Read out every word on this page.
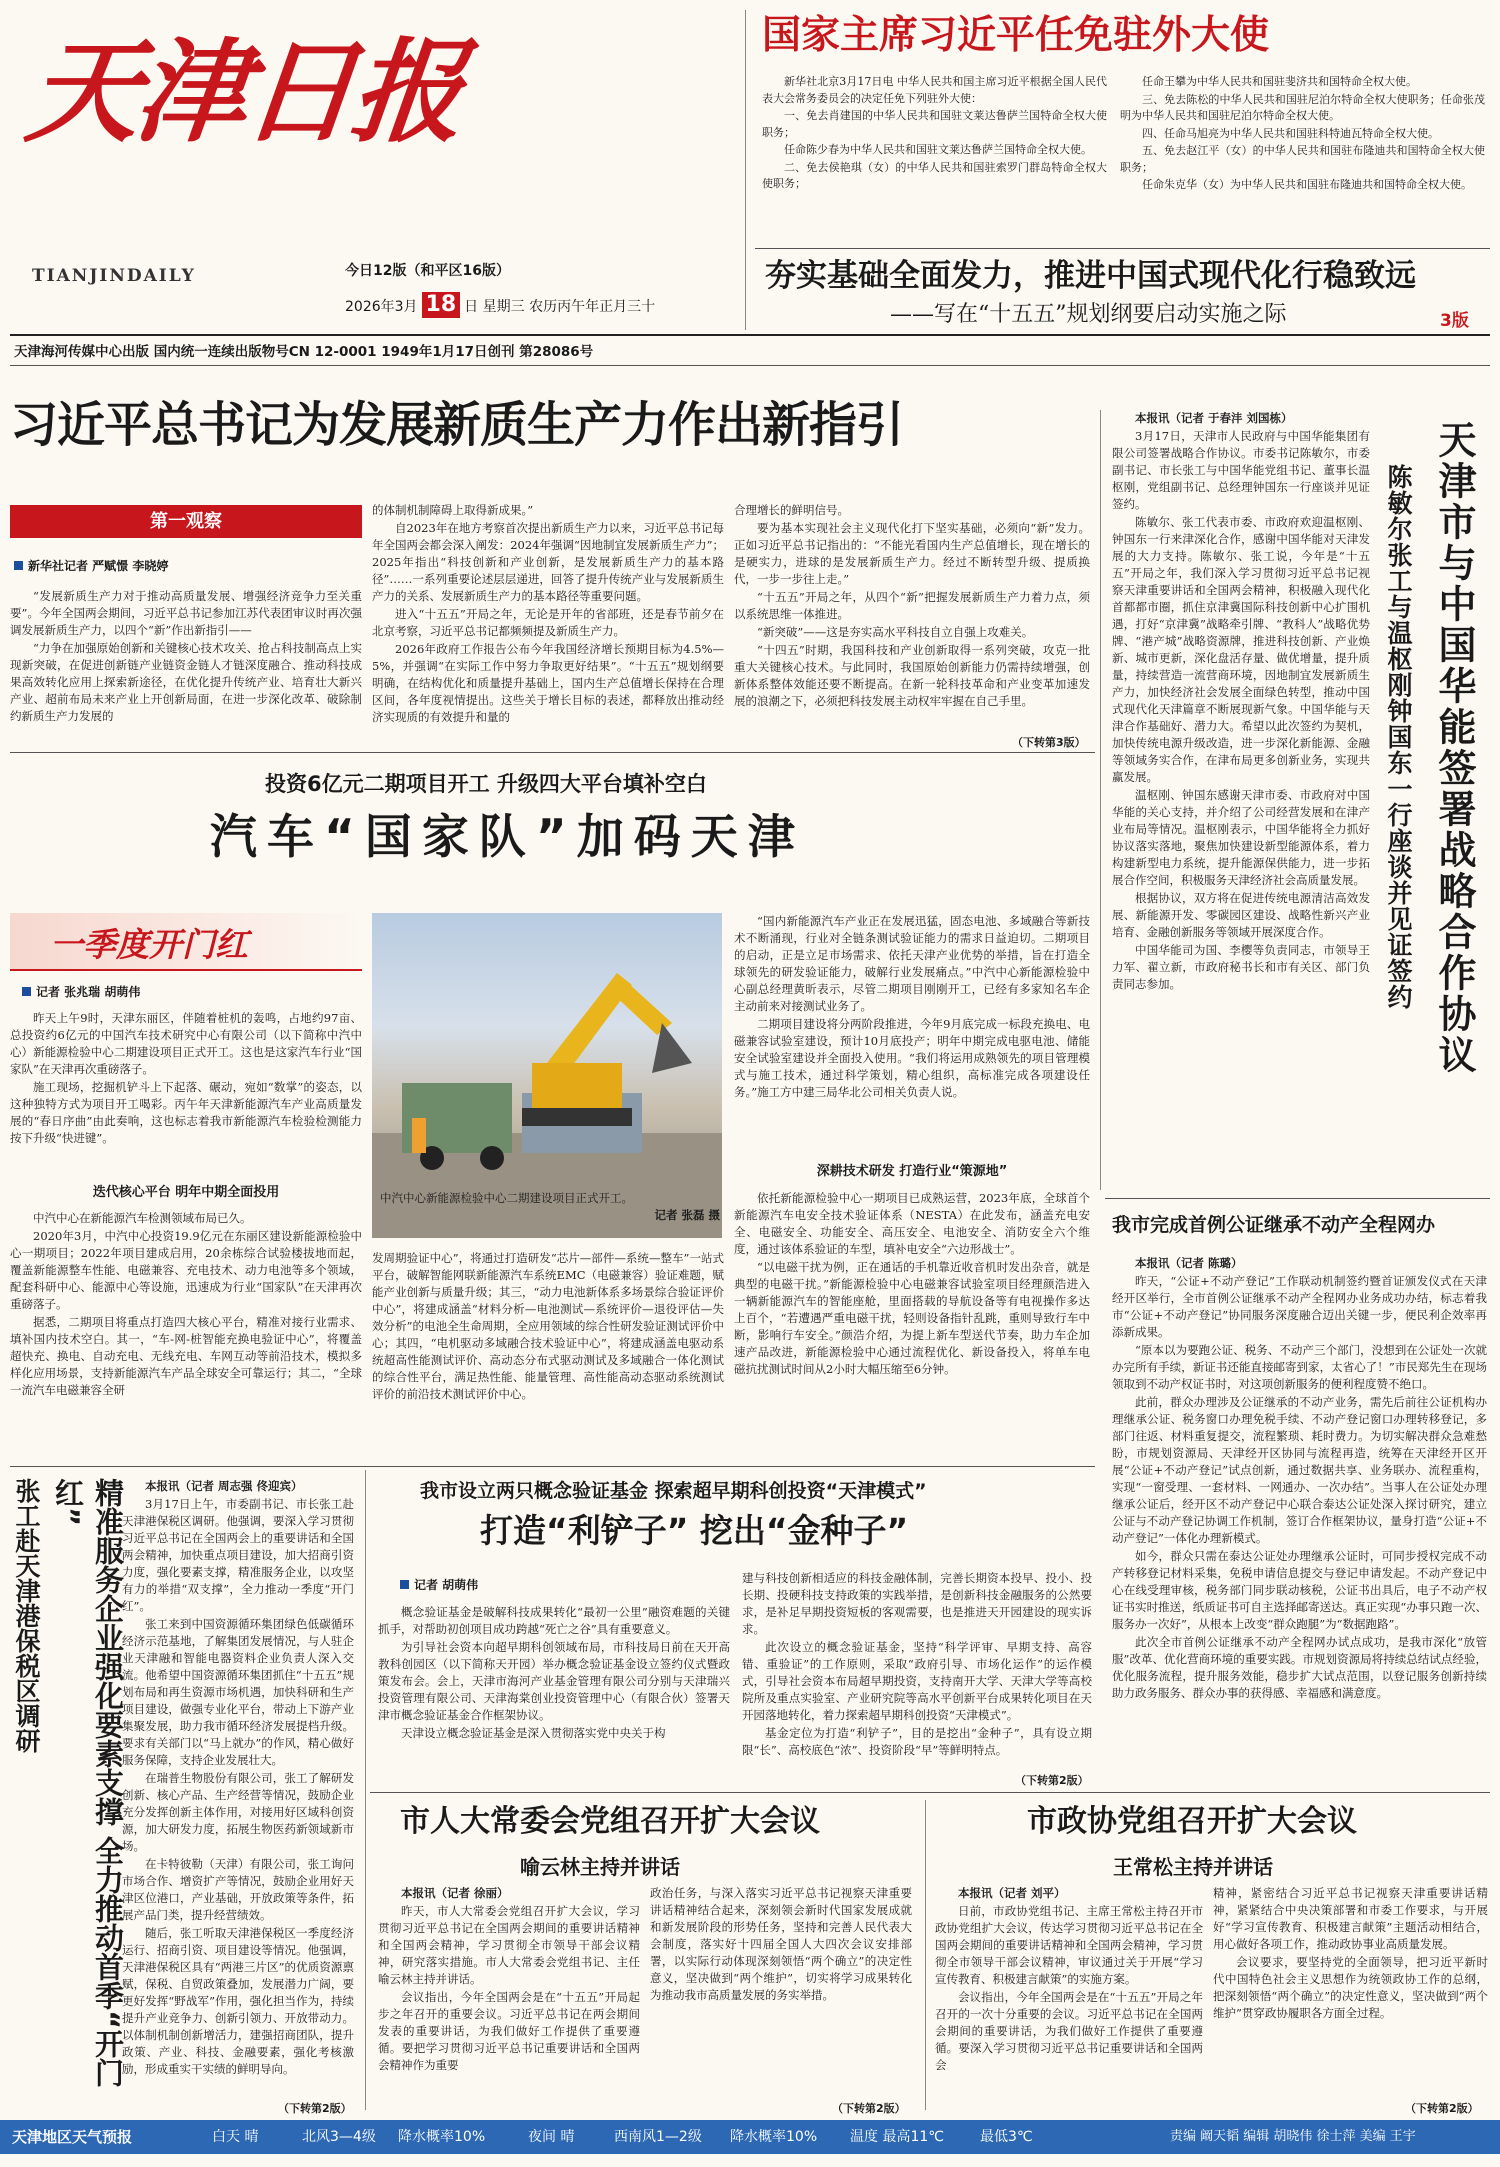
天津日报
TIANJINDAILY	今日12版（和平区16版）
2026年3月 18 日 星期三 农历丙午年正月三十
天津海河传媒中心出版 国内统一连续出版物号CN 12-0001 1949年1月17日创刊 第28086号
国家主席习近平任免驻外大使

新华社北京3月17日电 中华人民共和国主席习近平根据全国人民代表大会常务委员会的决定任免下列驻外大使：

一、免去肖建国的中华人民共和国驻文莱达鲁萨兰国特命全权大使职务；

任命陈少春为中华人民共和国驻文莱达鲁萨兰国特命全权大使。

二、免去侯艳琪（女）的中华人民共和国驻索罗门群岛特命全权大使职务；

任命王攀为中华人民共和国驻斐济共和国特命全权大使。

三、免去陈松的中华人民共和国驻尼泊尔特命全权大使职务；任命张茂明为中华人民共和国驻尼泊尔特命全权大使。

四、任命马旭亮为中华人民共和国驻科特迪瓦特命全权大使。

五、免去赵江平（女）的中华人民共和国驻布隆迪共和国特命全权大使职务；

任命朱克华（女）为中华人民共和国驻布隆迪共和国特命全权大使。

夯实基础全面发力，推进中国式现代化行稳致远
——写在“十五五”规划纲要启动实施之际	3版
习近平总书记为发展新质生产力作出新指引
第一观察
新华社记者 严赋憬 李晓婷

“发展新质生产力对于推动高质量发展、增强经济竞争力至关重要”。今年全国两会期间，习近平总书记参加江苏代表团审议时再次强调发展新质生产力，以四个“新”作出新指引——

“力争在加强原始创新和关键核心技术攻关、抢占科技制高点上实现新突破，在促进创新链产业链资金链人才链深度融合、推动科技成果高效转化应用上探索新途径，在优化提升传统产业、培育壮大新兴产业、超前布局未来产业上开创新局面，在进一步深化改革、破除制约新质生产力发展的

的体制机制障碍上取得新成果。”

自2023年在地方考察首次提出新质生产力以来，习近平总书记每年全国两会都会深入阐发：2024年强调“因地制宜发展新质生产力”；2025年指出“科技创新和产业创新，是发展新质生产力的基本路径”……一系列重要论述层层递进，回答了提升传统产业与发展新质生产力的关系、发展新质生产力的基本路径等重要问题。

进入“十五五”开局之年，无论是开年的省部班，还是春节前夕在北京考察，习近平总书记都频频提及新质生产力。

2026年政府工作报告公布今年我国经济增长预期目标为4.5%—5%，并强调“在实际工作中努力争取更好结果”。“十五五”规划纲要明确，在结构优化和质量提升基础上，国内生产总值增长保持在合理区间，各年度视情提出。这些关于增长目标的表述，都释放出推动经济实现质的有效提升和量的

合理增长的鲜明信号。

要为基本实现社会主义现代化打下坚实基础，必须向“新”发力。正如习近平总书记指出的：“不能光看国内生产总值增长，现在增长的是硬实力，进球的是发展新质生产力。经过不断转型升级、提质换代，一步一步往上走。”

“十五五”开局之年，从四个“新”把握发展新质生产力着力点，须以系统思维一体推进。

“新突破”——这是夯实高水平科技自立自强上攻难关。

“十四五”时期，我国科技和产业创新取得一系列突破，攻克一批重大关键核心技术。与此同时，我国原始创新能力仍需持续增强，创新体系整体效能还要不断提高。在新一轮科技革命和产业变革加速发展的浪潮之下，必须把科技发展主动权牢牢握在自己手里。

（下转第3版）	天津市与中国华能签署战略合作协议
陈敏尔张工与温枢刚钟国东一行座谈并见证签约

本报讯（记者 于春沣 刘国栋）

3月17日，天津市人民政府与中国华能集团有限公司签署战略合作协议。市委书记陈敏尔，市委副书记、市长张工与中国华能党组书记、董事长温枢刚，党组副书记、总经理钟国东一行座谈并见证签约。

陈敏尔、张工代表市委、市政府欢迎温枢刚、钟国东一行来津深化合作，感谢中国华能对天津发展的大力支持。陈敏尔、张工说，今年是“十五五”开局之年，我们深入学习贯彻习近平总书记视察天津重要讲话和全国两会精神，积极融入现代化首都都市圈，抓住京津冀国际科技创新中心扩围机遇，打好“京津冀”战略牵引牌、“教科人”战略优势牌、“港产城”战略资源牌，推进科技创新、产业焕新、城市更新，深化盘活存量、做优增量，提升质量，持续营造一流营商环境，因地制宜发展新质生产力，加快经济社会发展全面绿色转型，推动中国式现代化天津篇章不断展现新气象。中国华能与天津合作基础好、潜力大。希望以此次签约为契机，加快传统电源升级改造，进一步深化新能源、金融等领域务实合作，在津布局更多创新业务，实现共赢发展。

温枢刚、钟国东感谢天津市委、市政府对中国华能的关心支持，并介绍了公司经营发展和在津产业布局等情况。温枢刚表示，中国华能将全力抓好协议落实落地，聚焦加快建设新型能源体系，着力构建新型电力系统，提升能源保供能力，进一步拓展合作空间，积极服务天津经济社会高质量发展。

根据协议，双方将在促进传统电源清洁高效发展、新能源开发、零碳园区建设、战略性新兴产业培育、金融创新服务等领域开展深度合作。

中国华能司为国、李樱等负责同志，市领导王力军、翟立新，市政府秘书长和市有关区、部门负责同志参加。

投资6亿元二期项目开工 升级四大平台填补空白
汽车“国家队”加码天津
一季度开门红
记者 张兆瑞 胡萌伟

昨天上午9时，天津东丽区，伴随着桩机的轰鸣，占地约97亩、总投资约6亿元的中国汽车技术研究中心有限公司（以下简称中汽中心）新能源检验中心二期建设项目正式开工。这也是这家汽车行业“国家队”在天津再次重磅落子。

施工现场，挖掘机铲斗上下起落、碾动，宛如“数掌”的姿态，以这种独特方式为项目开工喝彩。丙午年天津新能源汽车产业高质量发展的“春日序曲”由此奏响，这也标志着我市新能源汽车检验检测能力按下升级“快进键”。

迭代核心平台 明年中期全面投用

中汽中心在新能源汽车检测领域布局已久。

2020年3月，中汽中心投资19.9亿元在东丽区建设新能源检验中心一期项目；2022年项目建成启用，20余栋综合试验楼拔地而起，覆盖新能源整车性能、电磁兼容、充电技术、动力电池等多个领域，配套科研中心、能源中心等设施，迅速成为行业“国家队”在天津再次重磅落子。

据悉，二期项目将重点打造四大核心平台，精准对接行业需求、填补国内技术空白。其一，“车-网-桩智能充换电验证中心”，将覆盖超快充、换电、自动充电、无线充电、车网互动等前沿技术，模拟多样化应用场景，支持新能源汽车产品全球安全可靠运行；其二，“全球一流汽车电磁兼容全研

中汽中心新能源检验中心二期建设项目正式开工。
记者 张磊 摄

发周期验证中心”，将通过打造研发“芯片—部件—系统—整车”一站式平台，破解智能网联新能源汽车系统EMC（电磁兼容）验证难题，赋能产业创新与质量升级；其三，“动力电池新体系多场景综合验证评价中心”，将建成涵盖“材料分析—电池测试—系统评价—退役评估—失效分析”的电池全生命周期，全应用领域的综合性研发验证测试评价中心；其四，“电机驱动多域融合技术验证中心”，将建成涵盖电驱动系统超高性能测试评价、高动态分布式驱动测试及多域融合一体化测试的综合性平台，满足热性能、能量管理、高性能高动态驱动系统测试评价的前沿技术测试评价中心。

“国内新能源汽车产业正在发展迅猛，固态电池、多域融合等新技术不断涌现，行业对全链条测试验证能力的需求日益迫切。二期项目的启动，正是立足市场需求、依托天津产业优势的举措，旨在打造全球领先的研发验证能力，破解行业发展痛点。”中汽中心新能源检验中心副总经理黄昕表示，尽管二期项目刚刚开工，已经有多家知名车企主动前来对接测试业务了。

二期项目建设将分两阶段推进，今年9月底完成一标段充换电、电磁兼容试验室建设，预计10月底投产；明年中期完成电驱电池、储能安全试验室建设并全面投入使用。“我们将运用成熟领先的项目管理模式与施工技术，通过科学策划，精心组织，高标准完成各项建设任务。”施工方中建三局华北公司相关负责人说。

深耕技术研发 打造行业“策源地”

依托新能源检验中心一期项目已成熟运营，2023年底，全球首个新能源汽车电安全技术验证体系（NESTA）在此发布，涵盖充电安全、电磁安全、功能安全、高压安全、电池安全、消防安全六个维度，通过该体系验证的车型，填补电安全“六边形战士”。

“以电磁干扰为例，正在通话的手机靠近收音机时发出杂音，就是典型的电磁干扰。”新能源检验中心电磁兼容试验室项目经理颜浩进入一辆新能源汽车的智能座舱，里面搭载的导航设备等有电视操作多达上百个，“若遭遇严重电磁干扰，轻则设备指针乱跳，重则导致行车中断，影响行车安全。”颜浩介绍，为提上新车型送代节奏，助力车企加速产品改进，新能源检验中心通过流程优化、新设备投入，将单车电磁抗扰测试时间从2小时大幅压缩至6分钟。

我市完成首例公证继承不动产全程网办

本报讯（记者 陈璐）

昨天，“公证+不动产登记”工作联动机制签约暨首证颁发仪式在天津经开区举行，全市首例公证继承不动产全程网办业务成功办结，标志着我市“公证+不动产登记”协同服务深度融合迈出关键一步，便民利企效率再添新成果。

“原本以为要跑公证、税务、不动产三个部门，没想到在公证处一次就办完所有手续，新证书还能直接邮寄到家，太省心了！”市民郑先生在现场领取到不动产权证书时，对这项创新服务的便利程度赞不绝口。

此前，群众办理涉及公证继承的不动产业务，需先后前往公证机构办理继承公证、税务窗口办理免税手续、不动产登记窗口办理转移登记，多部门往返、材料重复提交，流程繁琐、耗时费力。为切实解决群众急难愁盼，市规划资源局、天津经开区协同与流程再造，统筹在天津经开区开展“公证+不动产登记”试点创新，通过数据共享、业务联办、流程重构，实现“一窗受理、一套材料、一网通办、一次办结”。当事人在公证处办理继承公证后，经开区不动产登记中心联合泰达公证处深入探讨研究，建立公证与不动产登记协调工作机制，签订合作框架协议，量身打造“公证+不动产登记”一体化办理新模式。

如今，群众只需在泰达公证处办理继承公证时，可同步授权完成不动产转移登记材料采集，免税申请信息提交与登记申请发起。不动产登记中心在线受理审核，税务部门同步联动核税，公证书出具后，电子不动产权证书实时推送，纸质证书可自主选择邮寄送达。真正实现“办事只跑一次、服务办一次好”，从根本上改变“群众跑腿”为“数据跑路”。

此次全市首例公证继承不动产全程网办试点成功，是我市深化“放管服”改革、优化营商环境的重要实践。市规划资源局将持续总结试点经验，优化服务流程，提升服务效能，稳步扩大试点范围，以登记服务创新持续助力政务服务、群众办事的获得感、幸福感和满意度。

精准服务企业强化要素支撑 全力推动首季“开门红”
张工赴天津港保税区调研	本报讯（记者 周志强 佟迎宾）

3月17日上午，市委副书记、市长张工赴天津港保税区调研。他强调，要深入学习贯彻习近平总书记在全国两会上的重要讲话和全国两会精神，加快重点项目建设，加大招商引资力度，强化要素支撑，精准服务企业，以攻坚有力的举措“双支撑”，全力推动一季度“开门红”。

张工来到中国资源循环集团绿色低碳循环经济示范基地，了解集团发展情况，与人驻企业天津融和智能电器资料企业负责人深入交流。他希望中国资源循环集团抓住“十五五”规划布局和再生资源市场机遇，加快科研和生产项目建设，做强专业化平台，带动上下游产业集聚发展，助力我市循环经济发展提档升级。要求有关部门以“马上就办”的作风，精心做好服务保障，支持企业发展壮大。

在瑞普生物股份有限公司，张工了解研发创新、核心产品、生产经营等情况，鼓励企业充分发挥创新主体作用，对接用好区域科创资源，加大研发力度，拓展生物医药新领域新市场。

在卡特彼勒（天津）有限公司，张工询问市场合作、增资扩产等情况，鼓励企业用好天津区位港口，产业基础，开放政策等条件，拓展产品门类，提升经营绩效。

随后，张工听取天津港保税区一季度经济运行、招商引资、项目建设等情况。他强调，天津港保税区具有“两港三片区”的优质资源禀赋，保税、自贸政策叠加，发展潜力广阔，要更好发挥“野战军”作用，强化担当作为，持续提升产业竞争力、创新引领力、开放带动力。以体制机制创新增活力，建强招商团队，提升政策、产业、科技、金融要素，强化考核激励，形成重实干实绩的鲜明导向。

（下转第2版）
我市设立两只概念验证基金 探索超早期科创投资“天津模式”
打造“利铲子” 挖出“金种子”
记者 胡萌伟

概念验证基金是破解科技成果转化“最初一公里”融资难题的关键抓手，对帮助初创项目成功跨越“死亡之谷”具有重要意义。

为引导社会资本向超早期科创领域布局，市科技局日前在天开高教科创园区（以下简称天开园）举办概念验证基金设立签约仪式暨政策发布会。会上，天津市海河产业基金管理有限公司分别与天津瑞兴投资管理有限公司、天津海棠创业投资管理中心（有限合伙）签署天津市概念验证基金合作框架协议。

天津设立概念验证基金是深入贯彻落实党中央关于构

建与科技创新相适应的科技金融体制，完善长期资本投早、投小、投长期、投硬科技支持政策的实践举措，是创新科技金融服务的公然要求，是补足早期投资短板的客观需要，也是推进天开园建设的现实诉求。

此次设立的概念验证基金，坚持“科学评审、早期支持、高容错、重验证”的工作原则，采取“政府引导、市场化运作”的运作模式，引导社会资本布局超早期投资，支持南开大学、天津大学等高校院所及重点实验室、产业研究院等高水平创新平台成果转化项目在天开园落地转化，着力探索超早期科创投资“天津模式”。

基金定位为打造“利铲子”，目的是挖出“金种子”，具有设立期限“长”、高校底色“浓”、投资阶段“早”等鲜明特点。

（下转第2版）
市人大常委会党组召开扩大会议
喻云林主持并讲话

本报讯（记者 徐丽）

昨天，市人大常委会党组召开扩大会议，学习贯彻习近平总书记在全国两会期间的重要讲话精神和全国两会精神，学习贯彻全市领导干部会议精神，研究落实措施。市人大常委会党组书记、主任喻云林主持并讲话。

会议指出，今年全国两会是在“十五五”开局起步之年召开的重要会议。习近平总书记在两会期间发表的重要讲话，为我们做好工作提供了重要遵循。要把学习贯彻习近平总书记重要讲话和全国两会精神作为重要

政治任务，与深入落实习近平总书记视察天津重要讲话精神结合起来，深刻领会新时代国家发展成就和新发展阶段的形势任务，坚持和完善人民代表大会制度，落实好十四届全国人大四次会议安排部署，以实际行动体现深刻领悟“两个确立”的决定性意义，坚决做到“两个维护”，切实将学习成果转化为推动我市高质量发展的务实举措。

（下转第2版）
市政协党组召开扩大会议
王常松主持并讲话

本报讯（记者 刘平）

日前，市政协党组书记、主席王常松主持召开市政协党组扩大会议，传达学习贯彻习近平总书记在全国两会期间的重要讲话精神和全国两会精神，学习贯彻全市领导干部会议精神，审议通过关于开展“学习宣传教育、积极建言献策”的实施方案。

会议指出，今年全国两会是在“十五五”开局之年召开的一次十分重要的会议。习近平总书记在全国两会期间的重要讲话，为我们做好工作提供了重要遵循。要深入学习贯彻习近平总书记重要讲话和全国两会

精神，紧密结合习近平总书记视察天津重要讲话精神，紧紧结合中央决策部署和市委工作要求，与开展好“学习宣传教育、积极建言献策”主题活动相结合，用心做好各项工作，推动政协事业高质量发展。

会议要求，要坚持党的全面领导，把习近平新时代中国特色社会主义思想作为统领政协工作的总纲，把深刻领悟“两个确立”的决定性意义，坚决做到“两个维护”贯穿政协履职各方面全过程。

（下转第2版）
天津地区天气预报	白天 晴	北风3—4级 降水概率10%	夜间 晴	西南风1—2级 降水概率10% 温度 最高11℃	最低3℃	责编 阚天韬 编辑 胡晓伟 徐士萍 美编 王宇
